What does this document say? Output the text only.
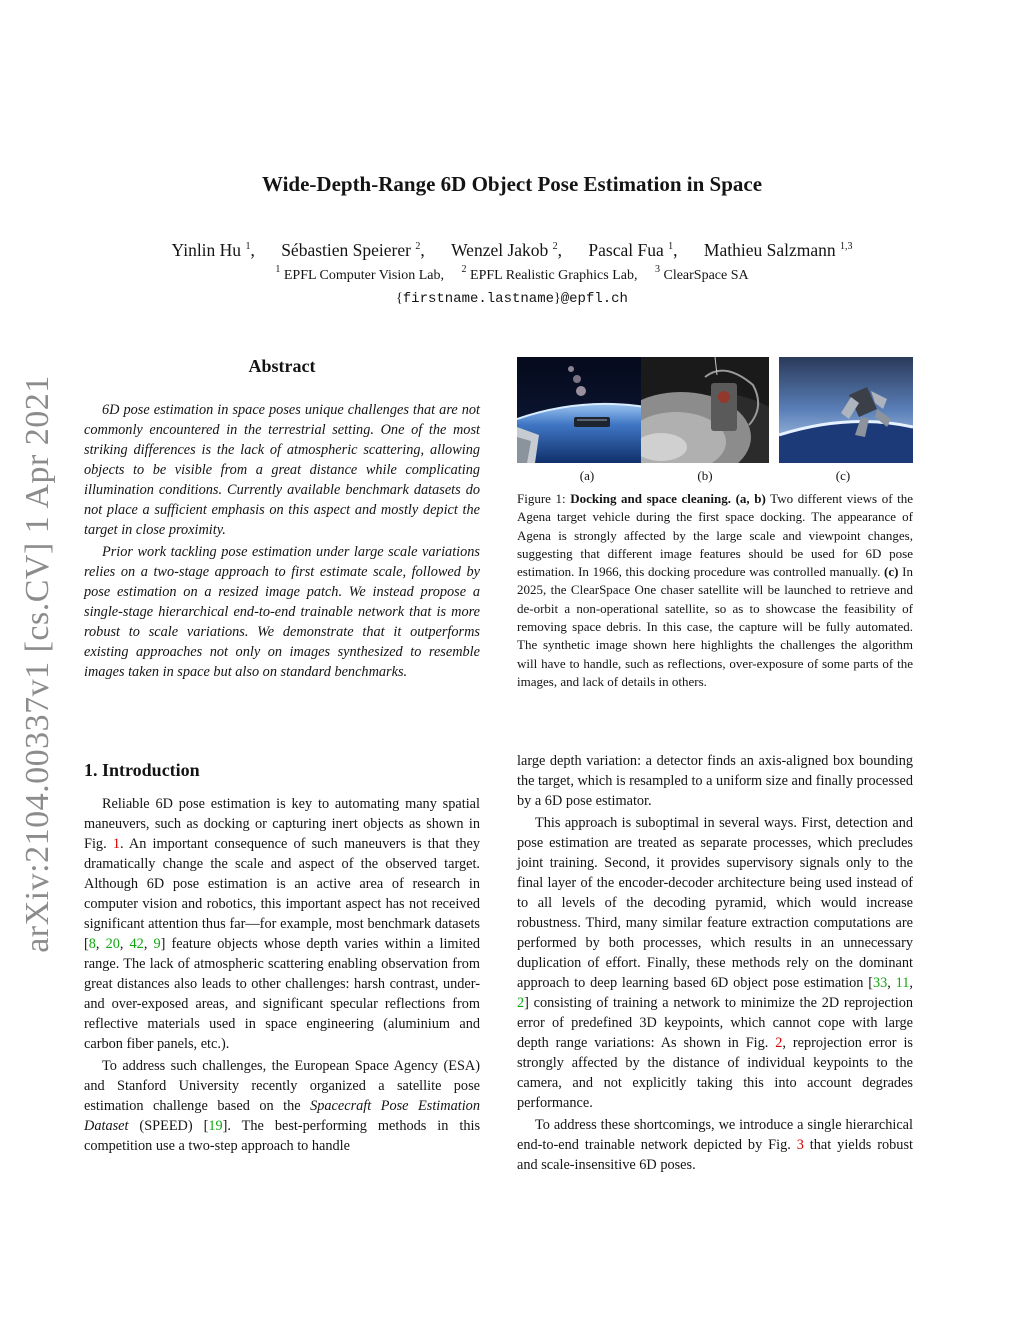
arXiv:2104.00337v1 [cs.CV] 1 Apr 2021
Wide-Depth-Range 6D Object Pose Estimation in Space
Yinlin Hu $^1$, Sébastien Speierer $^2$, Wenzel Jakob $^2$, Pascal Fua $^1$, Mathieu Salzmann $^{1,3}$
$^1$ EPFL Computer Vision Lab, $^2$ EPFL Realistic Graphics Lab, $^3$ ClearSpace SA
{firstname.lastname}@epfl.ch
Abstract

6D pose estimation in space poses unique challenges that are not commonly encountered in the terrestrial setting. One of the most striking differences is the lack of atmospheric scattering, allowing objects to be visible from a great distance while complicating illumination conditions. Currently available benchmark datasets do not place a sufficient emphasis on this aspect and mostly depict the target in close proximity.

Prior work tackling pose estimation under large scale variations relies on a two-stage approach to first estimate scale, followed by pose estimation on a resized image patch. We instead propose a single-stage hierarchical end-to-end trainable network that is more robust to scale variations. We demonstrate that it outperforms existing approaches not only on images synthesized to resemble images taken in space but also on standard benchmarks.

(a)	(b)	(c)
Figure 1: Docking and space cleaning. (a, b) Two different views of the Agena target vehicle during the first space docking. The appearance of Agena is strongly affected by the large scale and viewpoint changes, suggesting that different image features should be used for 6D pose estimation. In 1966, this docking procedure was controlled manually. (c) In 2025, the ClearSpace One chaser satellite will be launched to retrieve and de-orbit a non-operational satellite, so as to showcase the feasibility of removing space debris. In this case, the capture will be fully automated. The synthetic image shown here highlights the challenges the algorithm will have to handle, such as reflections, over-exposure of some parts of the images, and lack of details in others.
1. Introduction

Reliable 6D pose estimation is key to automating many spatial maneuvers, such as docking or capturing inert objects as shown in Fig. 1. An important consequence of such maneuvers is that they dramatically change the scale and aspect of the observed target. Although 6D pose estimation is an active area of research in computer vision and robotics, this important aspect has not received significant attention thus far—for example, most benchmark datasets [8, 20, 42, 9] feature objects whose depth varies within a limited range. The lack of atmospheric scattering enabling observation from great distances also leads to other challenges: harsh contrast, under- and over-exposed areas, and significant specular reflections from reflective materials used in space engineering (aluminium and carbon fiber panels, etc.).

To address such challenges, the European Space Agency (ESA) and Stanford University recently organized a satellite pose estimation challenge based on the Spacecraft Pose Estimation Dataset (SPEED) [19]. The best-performing methods in this competition use a two-step approach to handle

large depth variation: a detector finds an axis-aligned box bounding the target, which is resampled to a uniform size and finally processed by a 6D pose estimator.

This approach is suboptimal in several ways. First, detection and pose estimation are treated as separate processes, which precludes joint training. Second, it provides supervisory signals only to the final layer of the encoder-decoder architecture being used instead of to all levels of the decoding pyramid, which would increase robustness. Third, many similar feature extraction computations are performed by both processes, which results in an unnecessary duplication of effort. Finally, these methods rely on the dominant approach to deep learning based 6D object pose estimation [33, 11, 2] consisting of training a network to minimize the 2D reprojection error of predefined 3D keypoints, which cannot cope with large depth range variations: As shown in Fig. 2, reprojection error is strongly affected by the distance of individual keypoints to the camera, and not explicitly taking this into account degrades performance.

To address these shortcomings, we introduce a single hierarchical end-to-end trainable network depicted by Fig. 3 that yields robust and scale-insensitive 6D poses.
